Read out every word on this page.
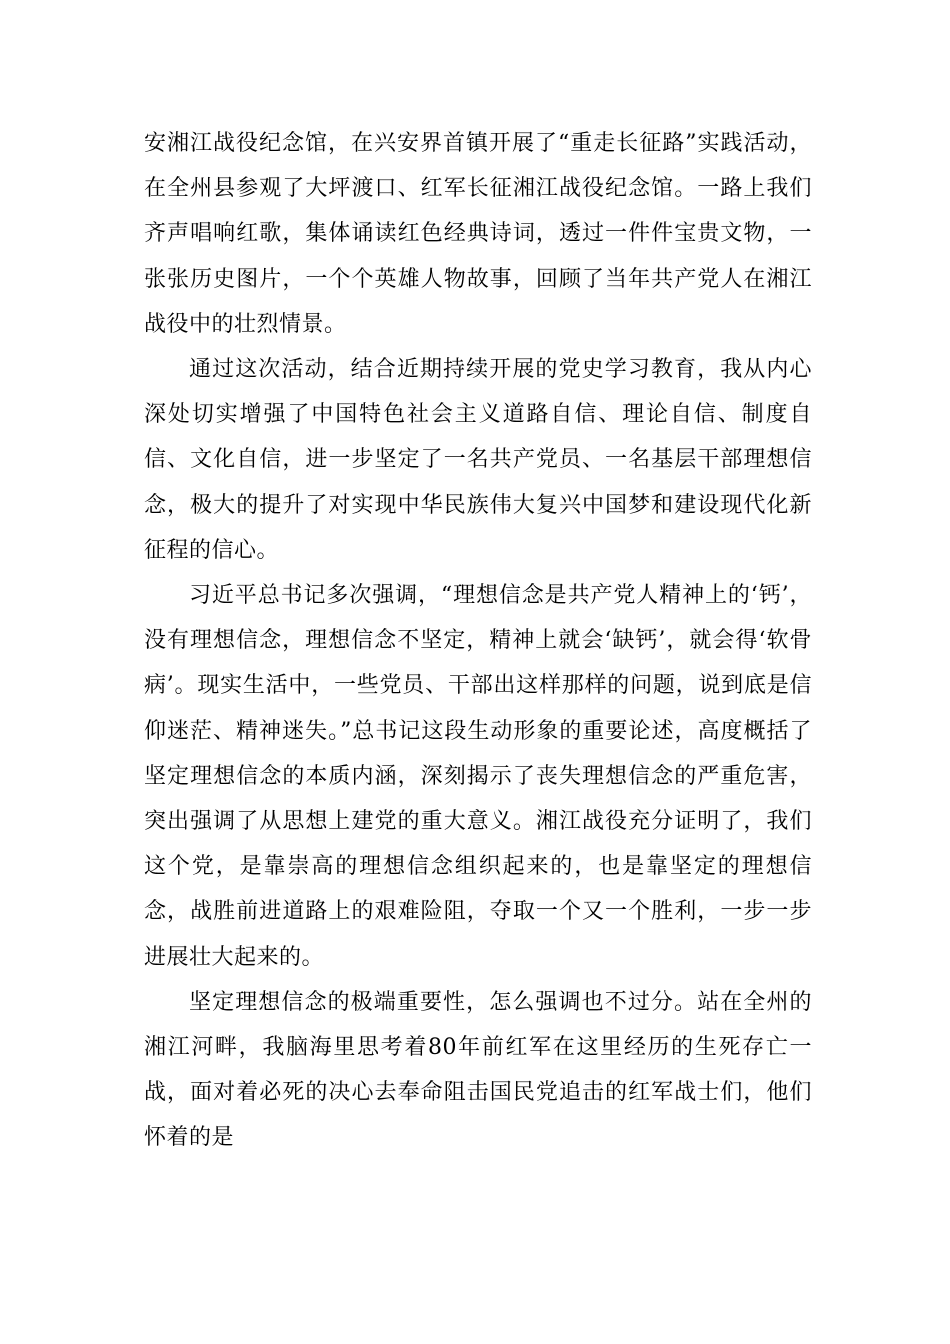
安湘江战役纪念馆，在兴安界首镇开展了“重走长征路”实践活动，在全州县参观了大坪渡口、红军长征湘江战役纪念馆。一路上我们齐声唱响红歌，集体诵读红色经典诗词，透过一件件宝贵文物，一张张历史图片，一个个英雄人物故事，回顾了当年共产党人在湘江战役中的壮烈情景。

通过这次活动，结合近期持续开展的党史学习教育，我从内心深处切实增强了中国特色社会主义道路自信、理论自信、制度自信、文化自信，进一步坚定了一名共产党员、一名基层干部理想信念，极大的提升了对实现中华民族伟大复兴中国梦和建设现代化新征程的信心。

习近平总书记多次强调，“理想信念是共产党人精神上的‘钙’，没有理想信念，理想信念不坚定，精神上就会‘缺钙’，就会得‘软骨病’。现实生活中，一些党员、干部出这样那样的问题，说到底是信仰迷茫、精神迷失。”总书记这段生动形象的重要论述，高度概括了坚定理想信念的本质内涵，深刻揭示了丧失理想信念的严重危害，突出强调了从思想上建党的重大意义。湘江战役充分证明了，我们这个党，是靠崇高的理想信念组织起来的，也是靠坚定的理想信念，战胜前进道路上的艰难险阻，夺取一个又一个胜利，一步一步进展壮大起来的。

坚定理想信念的极端重要性，怎么强调也不过分。站在全州的湘江河畔，我脑海里思考着80年前红军在这里经历的生死存亡一战，面对着必死的决心去奉命阻击国民党追击的红军战士们，他们怀着的是
